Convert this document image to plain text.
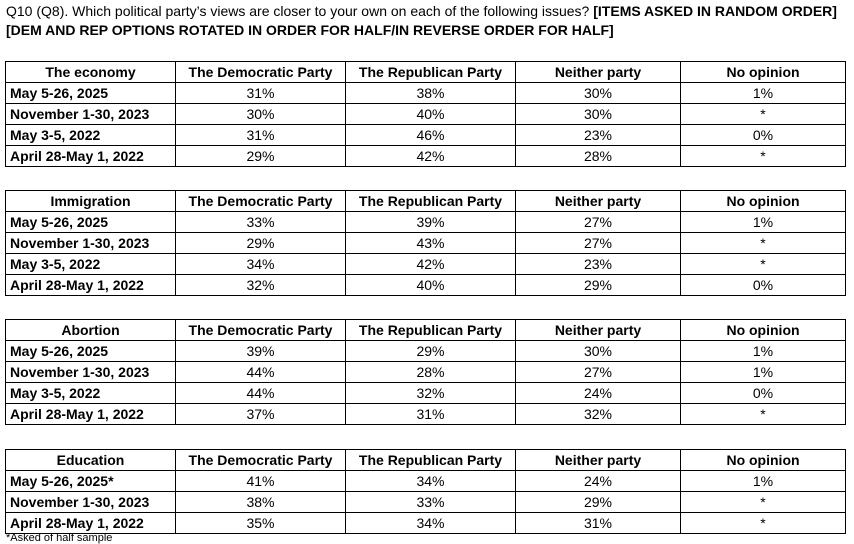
Q10 (Q8). Which political party’s views are closer to your own on each of the following issues? [ITEMS ASKED IN RANDOM ORDER] [DEM AND REP OPTIONS ROTATED IN ORDER FOR HALF/IN REVERSE ORDER FOR HALF]
The economy	The Democratic Party	The Republican Party	Neither party	No opinion
May 5-26, 2025	31%	38%	30%	1%
November 1-30, 2023	30%	40%	30%	*
May 3-5, 2022	31%	46%	23%	0%
April 28-May 1, 2022	29%	42%	28%	*
Immigration	The Democratic Party	The Republican Party	Neither party	No opinion
May 5-26, 2025	33%	39%	27%	1%
November 1-30, 2023	29%	43%	27%	*
May 3-5, 2022	34%	42%	23%	*
April 28-May 1, 2022	32%	40%	29%	0%
Abortion	The Democratic Party	The Republican Party	Neither party	No opinion
May 5-26, 2025	39%	29%	30%	1%
November 1-30, 2023	44%	28%	27%	1%
May 3-5, 2022	44%	32%	24%	0%
April 28-May 1, 2022	37%	31%	32%	*
Education	The Democratic Party	The Republican Party	Neither party	No opinion
May 5-26, 2025*	41%	34%	24%	1%
November 1-30, 2023	38%	33%	29%	*
April 28-May 1, 2022	35%	34%	31%	*
*Asked of half sample
